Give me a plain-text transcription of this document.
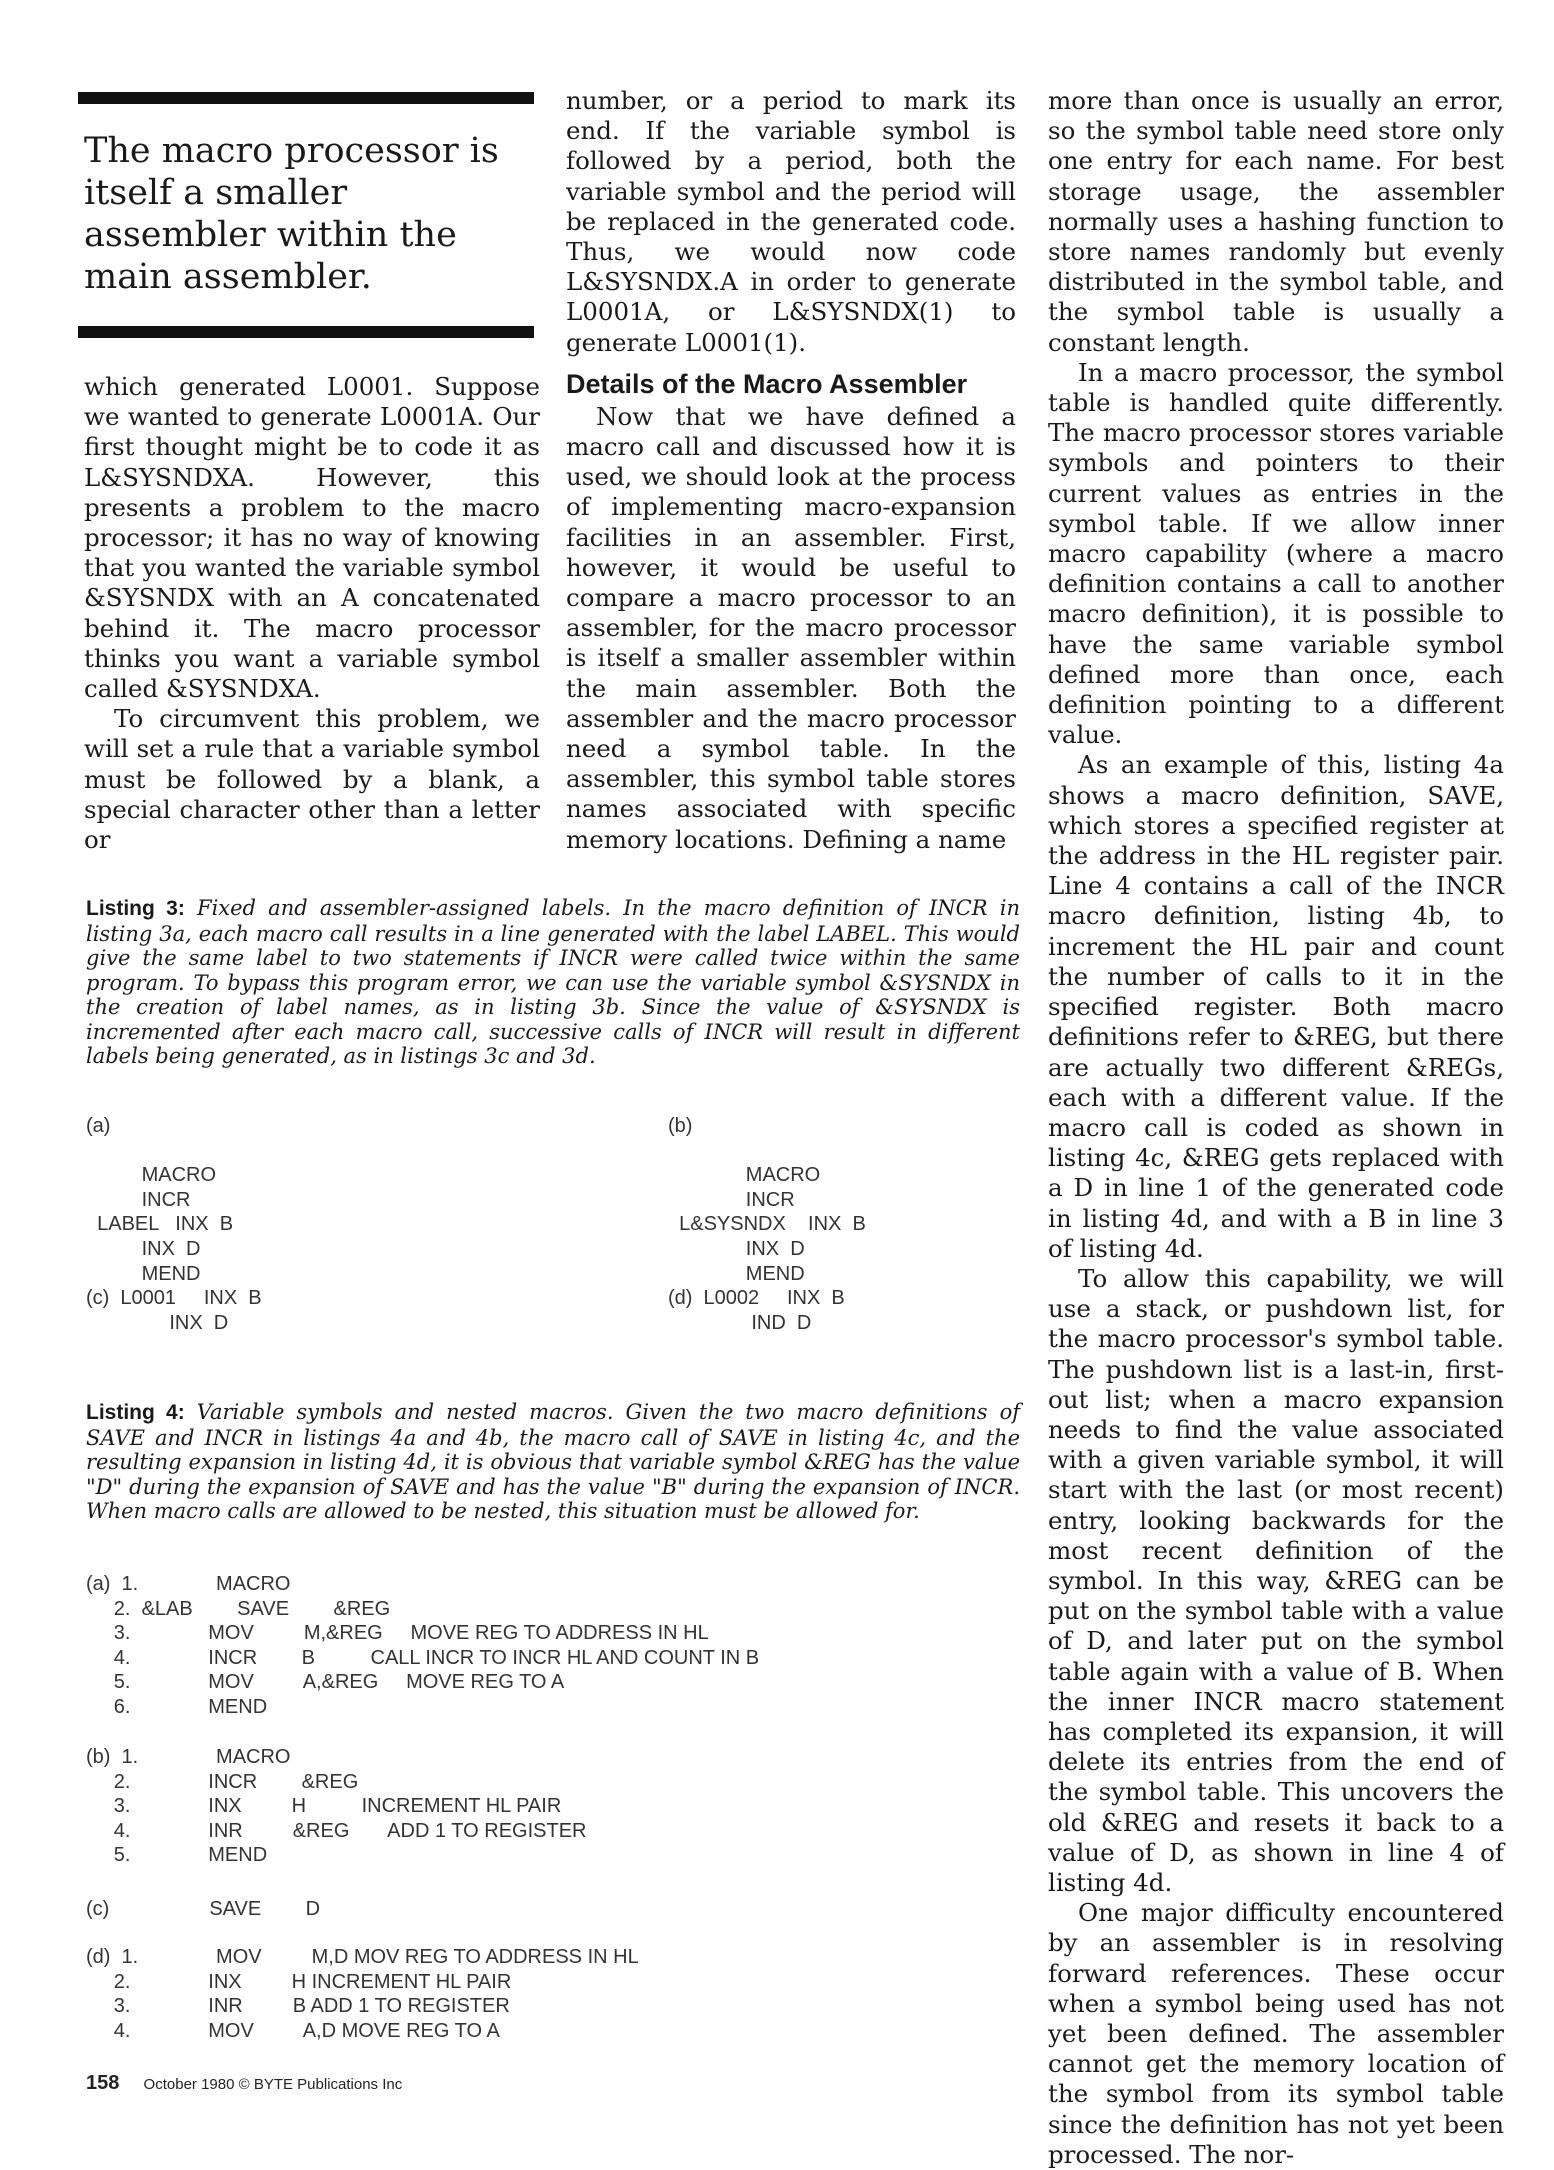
The macro processor is itself a smaller assembler within the main assembler.

which generated L0001. Suppose we wanted to generate L0001A. Our first thought might be to code it as L&SYSNDXA. However, this presents a problem to the macro processor; it has no way of knowing that you wanted the variable symbol &SYSNDX with an A concatenated behind it. The macro processor thinks you want a variable symbol called &SYSNDXA.

To circumvent this problem, we will set a rule that a variable symbol must be followed by a blank, a special character other than a letter or

number, or a period to mark its end. If the variable symbol is followed by a period, both the variable symbol and the period will be replaced in the generated code. Thus, we would now code L&SYSNDX.A in order to generate L0001A, or L&SYSNDX(1) to generate L0001(1).

Details of the Macro Assembler

Now that we have defined a macro call and discussed how it is used, we should look at the process of implementing macro-expansion facilities in an assembler. First, however, it would be useful to compare a macro processor to an assembler, for the macro processor is itself a smaller assembler within the main assembler. Both the assembler and the macro processor need a symbol table. In the assembler, this symbol table stores names associated with specific memory locations. Defining a name

more than once is usually an error, so the symbol table need store only one entry for each name. For best storage usage, the assembler normally uses a hashing function to store names randomly but evenly distributed in the symbol table, and the symbol table is usually a constant length.

In a macro processor, the symbol table is handled quite differently. The macro processor stores variable symbols and pointers to their current values as entries in the symbol table. If we allow inner macro capability (where a macro definition contains a call to another macro definition), it is possible to have the same variable symbol defined more than once, each definition pointing to a different value.

As an example of this, listing 4a shows a macro definition, SAVE, which stores a specified register at the address in the HL register pair. Line 4 contains a call of the INCR macro definition, listing 4b, to increment the HL pair and count the number of calls to it in the specified register. Both macro definitions refer to &REG, but there are actually two different &REGs, each with a different value. If the macro call is coded as shown in listing 4c, &REG gets replaced with a D in line 1 of the generated code in listing 4d, and with a B in line 3 of listing 4d.

To allow this capability, we will use a stack, or pushdown list, for the macro processor's symbol table. The pushdown list is a last-in, first-out list; when a macro expansion needs to find the value associated with a given variable symbol, it will start with the last (or most recent) entry, looking backwards for the most recent definition of the symbol. In this way, &REG can be put on the symbol table with a value of D, and later put on the symbol table again with a value of B. When the inner INCR macro statement has completed its expansion, it will delete its entries from the end of the symbol table. This uncovers the old &REG and resets it back to a value of D, as shown in line 4 of listing 4d.

One major difficulty encountered by an assembler is in resolving forward references. These occur when a symbol being used has not yet been defined. The assembler cannot get the memory location of the symbol from its symbol table since the definition has not yet been processed. The nor-

Listing 3: Fixed and assembler-assigned labels. In the macro definition of INCR in listing 3a, each macro call results in a line generated with the label LABEL. This would give the same label to two statements if INCR were called twice within the same program. To bypass this program error, we can use the variable symbol &SYSNDX in the creation of label names, as in listing 3b. Since the value of &SYSNDX is incremented after each macro call, successive calls of INCR will result in different labels being generated, as in listings 3c and 3d.
(a)

MACRO
INCR
LABEL   INX  B
INX  D
MEND
(b)

MACRO
INCR
L&SYSNDX    INX  B
INX  D
MEND
(c)  L0001     INX  B
INX  D
(d)  L0002     INX  B
IND  D
Listing 4: Variable symbols and nested macros. Given the two macro definitions of SAVE and INCR in listings 4a and 4b, the macro call of SAVE in listing 4c, and the resulting expansion in listing 4d, it is obvious that variable symbol &REG has the value "D" during the expansion of SAVE and has the value "B" during the expansion of INCR. When macro calls are allowed to be nested, this situation must be allowed for.
(a)  1.              MACRO
2.  &LAB        SAVE        &REG
3.              MOV         M,&REG     MOVE REG TO ADDRESS IN HL
4.              INCR        B          CALL INCR TO INCR HL AND COUNT IN B
5.              MOV         A,&REG     MOVE REG TO A
6.              MEND
(b)  1.              MACRO
2.              INCR        &REG
3.              INX         H          INCREMENT HL PAIR
4.              INR         &REG       ADD 1 TO REGISTER
5.              MEND
(c)                  SAVE        D
(d)  1.              MOV         M,D MOV REG TO ADDRESS IN HL
2.              INX         H INCREMENT HL PAIR
3.              INR         B ADD 1 TO REGISTER
4.              MOV         A,D MOVE REG TO A
158 October 1980 © BYTE Publications Inc
